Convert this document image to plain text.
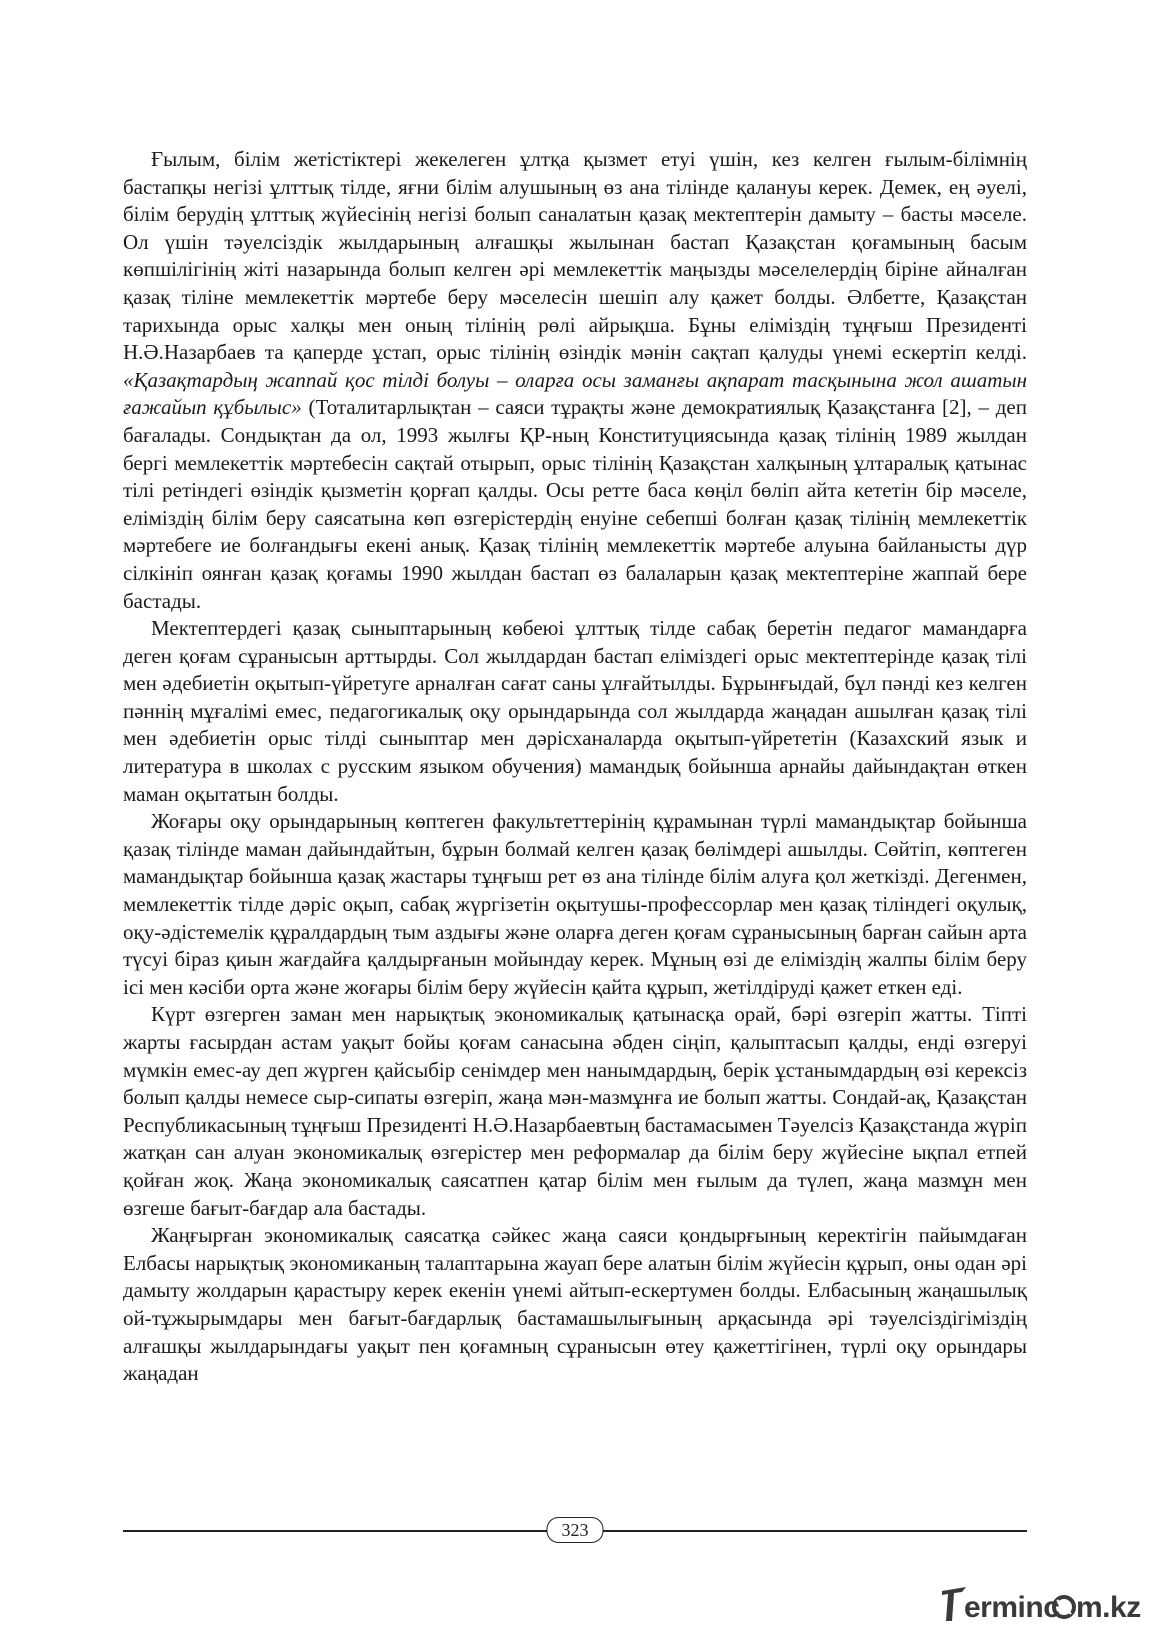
Ғылым, білім жетістіктері жекелеген ұлтқа қызмет етуі үшін, кез келген ғылым-білімнің бастапқы негізі ұлттық тілде, яғни білім алушының өз ана тілінде қалануы керек. Демек, ең әуелі, білім берудің ұлттық жүйесінің негізі болып саналатын қазақ мектептерін дамыту – басты мәселе. Ол үшін тәуелсіздік жылдарының алғашқы жылынан бастап Қазақстан қоғамының басым көпшілігінің жіті назарында болып келген әрі мемлекеттік маңызды мәселелердің біріне айналған қазақ тіліне мемлекеттік мәртебе беру мәселесін шешіп алу қажет болды. Әлбетте, Қазақстан тарихында орыс халқы мен оның тілінің рөлі айрықша. Бұны еліміздің тұңғыш Президенті Н.Ә.Назарбаев та қаперде ұстап, орыс тілінің өзіндік мәнін сақтап қалуды үнемі ескертіп келді. «Қазақтардың жаппай қос тілді болуы – оларға осы заманғы ақпарат тасқынына жол ашатын ғажайып құбылыс» (Тоталитарлықтан – саяси тұрақты және демократиялық Қазақстанға [2], – деп бағалады. Сондықтан да ол, 1993 жылғы ҚР-ның Конституциясында қазақ тілінің 1989 жылдан бергі мемлекеттік мәртебесін сақтай отырып, орыс тілінің Қазақстан халқының ұлтаралық қатынас тілі ретіндегі өзіндік қызметін қорғап қалды. Осы ретте баса көңіл бөліп айта кететін бір мәселе, еліміздің білім беру саясатына көп өзгерістердің енуіне себепші болған қазақ тілінің мемлекеттік мәртебеге ие болғандығы екені анық. Қазақ тілінің мемлекеттік мәртебе алуына байланысты дүр сілкініп оянған қазақ қоғамы 1990 жылдан бастап өз балаларын қазақ мектептеріне жаппай бере бастады.

Мектептердегі қазақ сыныптарының көбеюі ұлттық тілде сабақ беретін педагог мамандарға деген қоғам сұранысын арттырды. Сол жылдардан бастап еліміздегі орыс мектептерінде қазақ тілі мен әдебиетін оқытып-үйретуге арналған сағат саны ұлғайтылды. Бұрынғыдай, бұл пәнді кез келген пәннің мұғалімі емес, педагогикалық оқу орындарында сол жылдарда жаңадан ашылған қазақ тілі мен әдебиетін орыс тілді сыныптар мен дәрісханаларда оқытып-үйрететін (Казахский язык и литература в школах с русским языком обучения) мамандық бойынша арнайы дайындақтан өткен маман оқытатын болды.

Жоғары оқу орындарының көптеген факультеттерінің құрамынан түрлі мамандықтар бойынша қазақ тілінде маман дайындайтын, бұрын болмай келген қазақ бөлімдері ашылды. Сөйтіп, көптеген мамандықтар бойынша қазақ жастары тұңғыш рет өз ана тілінде білім алуға қол жеткізді. Дегенмен, мемлекеттік тілде дәріс оқып, сабақ жүргізетін оқытушы-профессорлар мен қазақ тіліндегі оқулық, оқу-әдістемелік құралдардың тым аздығы және оларға деген қоғам сұранысының барған сайын арта түсуі біраз қиын жағдайға қалдырғанын мойындау керек. Мұның өзі де еліміздің жалпы білім беру ісі мен кәсіби орта және жоғары білім беру жүйесін қайта құрып, жетілдіруді қажет еткен еді.

Күрт өзгерген заман мен нарықтық экономикалық қатынасқа орай, бәрі өзгеріп жатты. Тіпті жарты ғасырдан астам уақыт бойы қоғам санасына әбден сіңіп, қалыптасып қалды, енді өзгеруі мүмкін емес-ау деп жүрген қайсыбір сенімдер мен нанымдардың, берік ұстанымдардың өзі керексіз болып қалды немесе сыр-сипаты өзгеріп, жаңа мән-мазмұнға ие болып жатты. Сондай-ақ, Қазақстан Республикасының тұңғыш Президенті Н.Ә.Назарбаевтың бастамасымен Тәуелсіз Қазақстанда жүріп жатқан сан алуан экономикалық өзгерістер мен реформалар да білім беру жүйесіне ықпал етпей қойған жоқ. Жаңа экономикалық саясатпен қатар білім мен ғылым да түлеп, жаңа мазмұн мен өзгеше бағыт-бағдар ала бастады.

Жаңғырған экономикалық саясатқа сәйкес жаңа саяси қондырғының керектігін пайымдаған Елбасы нарықтық экономиканың талаптарына жауап бере алатын білім жүйесін құрып, оны одан әрі дамыту жолдарын қарастыру керек екенін үнемі айтып-ескертумен болды. Елбасының жаңашылық ой-тұжырымдары мен бағыт-бағдарлық бастамашылығының арқасында әрі тәуелсіздігіміздің алғашқы жылдарындағы уақыт пен қоғамның сұранысын өтеу қажеттігінен, түрлі оқу орындары жаңадан

323
erminc m.kz
